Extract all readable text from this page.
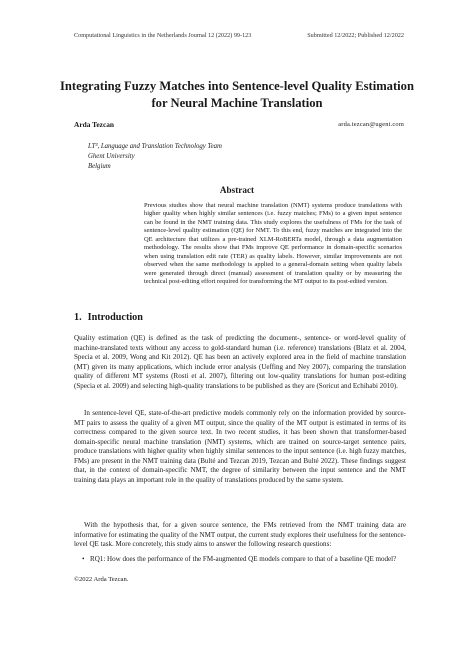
Computational Linguistics in the Netherlands Journal 12 (2022) 99-123	Submitted 12/2022; Published 12/2022
Integrating Fuzzy Matches into Sentence-level Quality Estimation for Neural Machine Translation
Arda Tezcan	arda.tezcan@ugent.com
LT³, Language and Translation Technology Team
Ghent University
Belgium
Abstract
Previous studies show that neural machine translation (NMT) systems produce translations with higher quality when highly similar sentences (i.e. fuzzy matches; FMs) to a given input sentence can be found in the NMT training data. This study explores the usefulness of FMs for the task of sentence-level quality estimation (QE) for NMT. To this end, fuzzy matches are integrated into the QE architecture that utilizes a pre-trained XLM-RoBERTa model, through a data augmentation methodology. The results show that FMs improve QE performance in domain-specific scenarios when using translation edit rate (TER) as quality labels. However, similar improvements are not observed when the same methodology is applied to a general-domain setting when quality labels were generated through direct (manual) assessment of translation quality or by measuring the technical post-editing effort required for transforming the MT output to its post-edited version.
1. Introduction
Quality estimation (QE) is defined as the task of predicting the document-, sentence- or word-level quality of machine-translated texts without any access to gold-standard human (i.e. reference) translations (Blatz et al. 2004, Specia et al. 2009, Wong and Kit 2012). QE has been an actively explored area in the field of machine translation (MT) given its many applications, which include error analysis (Ueffing and Ney 2007), comparing the translation quality of different MT systems (Rosti et al. 2007), filtering out low-quality translations for human post-editing (Specia et al. 2009) and selecting high-quality translations to be published as they are (Soricut and Echihabi 2010).
In sentence-level QE, state-of-the-art predictive models commonly rely on the information provided by source-MT pairs to assess the quality of a given MT output, since the quality of the MT output is estimated in terms of its correctness compared to the given source text. In two recent studies, it has been shown that transformer-based domain-specific neural machine translation (NMT) systems, which are trained on source-target sentence pairs, produce translations with higher quality when highly similar sentences to the input sentence (i.e. high fuzzy matches, FMs) are present in the NMT training data (Bulté and Tezcan 2019, Tezcan and Bulté 2022). These findings suggest that, in the context of domain-specific NMT, the degree of similarity between the input sentence and the NMT training data plays an important role in the quality of translations produced by the same system.
With the hypothesis that, for a given source sentence, the FMs retrieved from the NMT training data are informative for estimating the quality of the NMT output, the current study explores their usefulness for the sentence-level QE task. More concretely, this study aims to answer the following research questions:
• RQ1: How does the performance of the FM-augmented QE models compare to that of a baseline QE model?
©2022 Arda Tezcan.
